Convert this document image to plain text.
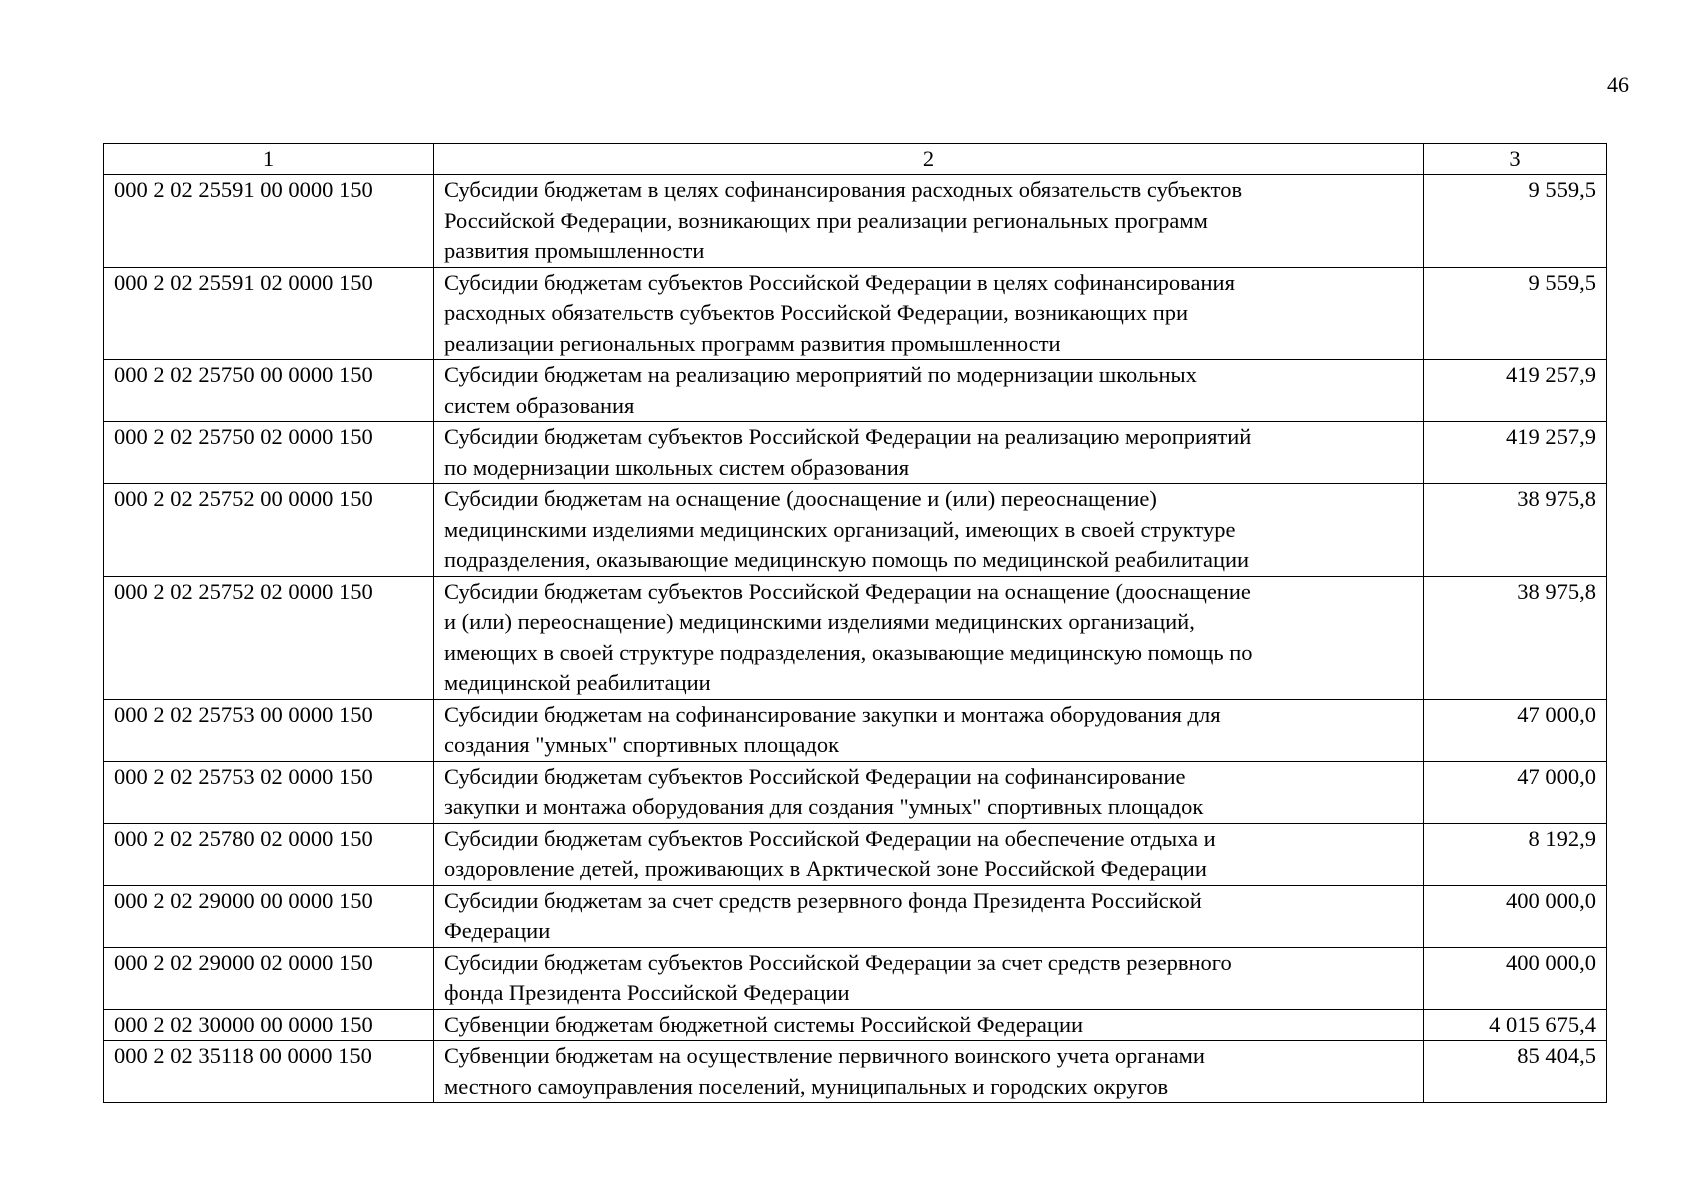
46
1	2	3
000 2 02 25591 00 0000 150	Субсидии бюджетам в целях софинансирования расходных обязательств субъектов
Российской Федерации, возникающих при реализации региональных программ
развития промышленности	9 559,5
000 2 02 25591 02 0000 150	Субсидии бюджетам субъектов Российской Федерации в целях софинансирования
расходных обязательств субъектов Российской Федерации, возникающих при
реализации региональных программ развития промышленности	9 559,5
000 2 02 25750 00 0000 150	Субсидии бюджетам на реализацию мероприятий по модернизации школьных
систем образования	419 257,9
000 2 02 25750 02 0000 150	Субсидии бюджетам субъектов Российской Федерации на реализацию мероприятий
по модернизации школьных систем образования	419 257,9
000 2 02 25752 00 0000 150	Субсидии бюджетам на оснащение (дооснащение и (или) переоснащение)
медицинскими изделиями медицинских организаций, имеющих в своей структуре
подразделения, оказывающие медицинскую помощь по медицинской реабилитации	38 975,8
000 2 02 25752 02 0000 150	Субсидии бюджетам субъектов Российской Федерации на оснащение (дооснащение
и (или) переоснащение) медицинскими изделиями медицинских организаций,
имеющих в своей структуре подразделения, оказывающие медицинскую помощь по
медицинской реабилитации	38 975,8
000 2 02 25753 00 0000 150	Субсидии бюджетам на софинансирование закупки и монтажа оборудования для
создания "умных" спортивных площадок	47 000,0
000 2 02 25753 02 0000 150	Субсидии бюджетам субъектов Российской Федерации на софинансирование
закупки и монтажа оборудования для создания "умных" спортивных площадок	47 000,0
000 2 02 25780 02 0000 150	Субсидии бюджетам субъектов Российской Федерации на обеспечение отдыха и
оздоровление детей, проживающих в Арктической зоне Российской Федерации	8 192,9
000 2 02 29000 00 0000 150	Субсидии бюджетам за счет средств резервного фонда Президента Российской
Федерации	400 000,0
000 2 02 29000 02 0000 150	Субсидии бюджетам субъектов Российской Федерации за счет средств резервного
фонда Президента Российской Федерации	400 000,0
000 2 02 30000 00 0000 150	Субвенции бюджетам бюджетной системы Российской Федерации	4 015 675,4
000 2 02 35118 00 0000 150	Субвенции бюджетам на осуществление первичного воинского учета органами
местного самоуправления поселений, муниципальных и городских округов	85 404,5
